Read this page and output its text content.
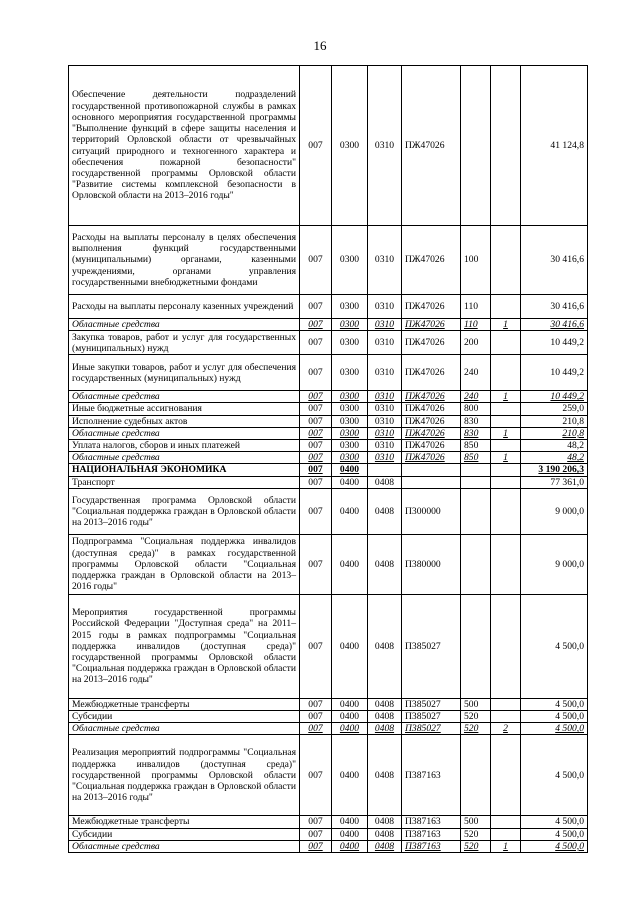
16
Обеспечение деятельности подразделений государственной противопожарной службы в рамках основного мероприятия государственной программы "Выполнение функций в сфере защиты населения и территорий Орловской области от чрезвычайных ситуаций природного и техногенного характера и обеспечения пожарной безопасности" государственной программы Орловской области "Развитие системы комплексной безопасности в Орловской области на 2013–2016 годы"	007	0300	0310	ПЖ47026			41 124,8
Расходы на выплаты персоналу в целях обеспечения выполнения функций государственными (муниципальными) органами, казенными учреждениями, органами управления государственными внебюджетными фондами	007	0300	0310	ПЖ47026	100		30 416,6
Расходы на выплаты персоналу казенных учреждений	007	0300	0310	ПЖ47026	110		30 416,6
Областные средства	007	0300	0310	ПЖ47026	110	1	30 416,6
Закупка товаров, работ и услуг для государственных (муниципальных) нужд	007	0300	0310	ПЖ47026	200		10 449,2
Иные закупки товаров, работ и услуг для обеспечения государственных (муниципальных) нужд	007	0300	0310	ПЖ47026	240		10 449,2
Областные средства	007	0300	0310	ПЖ47026	240	1	10 449,2
Иные бюджетные ассигнования	007	0300	0310	ПЖ47026	800		259,0
Исполнение судебных актов	007	0300	0310	ПЖ47026	830		210,8
Областные средства	007	0300	0310	ПЖ47026	830	1	210,8
Уплата налогов, сборов и иных платежей	007	0300	0310	ПЖ47026	850		48,2
Областные средства	007	0300	0310	ПЖ47026	850	1	48,2
НАЦИОНАЛЬНАЯ ЭКОНОМИКА	007	0400					3 190 206,3
Транспорт	007	0400	0408				77 361,0
Государственная программа Орловской области "Социальная поддержка граждан в Орловской области на 2013–2016 годы"	007	0400	0408	П300000			9 000,0
Подпрограмма "Социальная поддержка инвалидов (доступная среда)" в рамках государственной программы Орловской области "Социальная поддержка граждан в Орловской области на 2013–2016 годы"	007	0400	0408	П380000			9 000,0
Мероприятия государственной программы Российской Федерации "Доступная среда" на 2011–2015 годы в рамках подпрограммы "Социальная поддержка инвалидов (доступная среда)" государственной программы Орловской области "Социальная поддержка граждан в Орловской области на 2013–2016 годы"	007	0400	0408	П385027			4 500,0
Межбюджетные трансферты	007	0400	0408	П385027	500		4 500,0
Субсидии	007	0400	0408	П385027	520		4 500,0
Областные средства	007	0400	0408	П385027	520	2	4 500,0
Реализация мероприятий подпрограммы "Социальная поддержка инвалидов (доступная среда)" государственной программы Орловской области "Социальная поддержка граждан в Орловской области на 2013–2016 годы"	007	0400	0408	П387163			4 500,0
Межбюджетные трансферты	007	0400	0408	П387163	500		4 500,0
Субсидии	007	0400	0408	П387163	520		4 500,0
Областные средства	007	0400	0408	П387163	520	1	4 500,0
